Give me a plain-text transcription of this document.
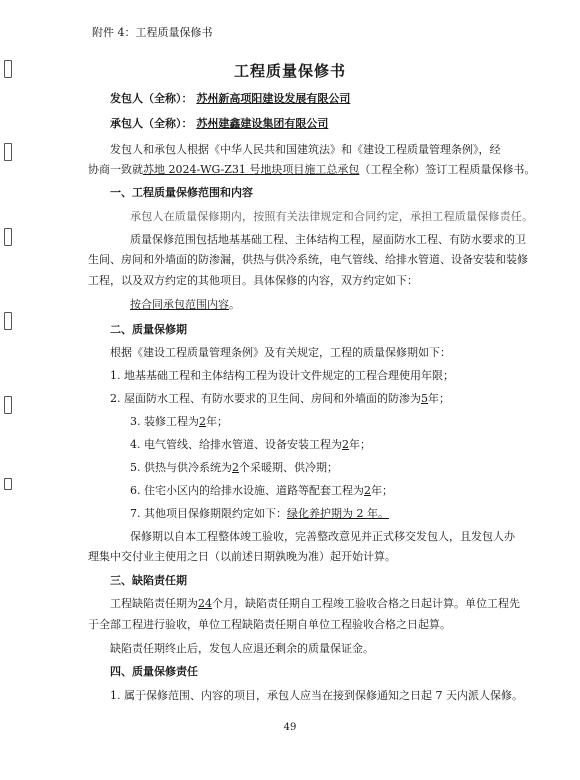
附件 4：工程质量保修书
工程质量保修书
发包人（全称）： 苏州新高项阳建设发展有限公司
承包人（全称）： 苏州建鑫建设集团有限公司
发包人和承包人根据《中华人民共和国建筑法》和《建设工程质量管理条例》，经
协商一致就苏地 2024-WG-Z31 号地块项目施工总承包（工程全称）签订工程质量保修书。
一、工程质量保修范围和内容
承包人在质量保修期内，按照有关法律规定和合同约定，承担工程质量保修责任。
质量保修范围包括地基基础工程、主体结构工程，屋面防水工程、有防水要求的卫
生间、房间和外墙面的防渗漏，供热与供冷系统，电气管线、给排水管道、设备安装和装修
工程，以及双方约定的其他项目。具体保修的内容，双方约定如下：
按合同承包范围内容。
二、质量保修期
根据《建设工程质量管理条例》及有关规定，工程的质量保修期如下：
1. 地基基础工程和主体结构工程为设计文件规定的工程合理使用年限；
2. 屋面防水工程、有防水要求的卫生间、房间和外墙面的防渗为5年；
3. 装修工程为2年；
4. 电气管线、给排水管道、设备安装工程为2年；
5. 供热与供冷系统为2个采暖期、供冷期；
6. 住宅小区内的给排水设施、道路等配套工程为2年；
7. 其他项目保修期限约定如下：绿化养护期为 2 年。
保修期以自本工程整体竣工验收，完善整改意见并正式移交发包人，且发包人办
理集中交付业主使用之日（以前述日期孰晚为准）起开始计算。
三、缺陷责任期
工程缺陷责任期为24个月，缺陷责任期自工程竣工验收合格之日起计算。单位工程先
于全部工程进行验收，单位工程缺陷责任期自单位工程验收合格之日起算。
缺陷责任期终止后，发包人应退还剩余的质量保证金。
四、质量保修责任
1. 属于保修范围、内容的项目，承包人应当在接到保修通知之日起 7 天内派人保修。
49
